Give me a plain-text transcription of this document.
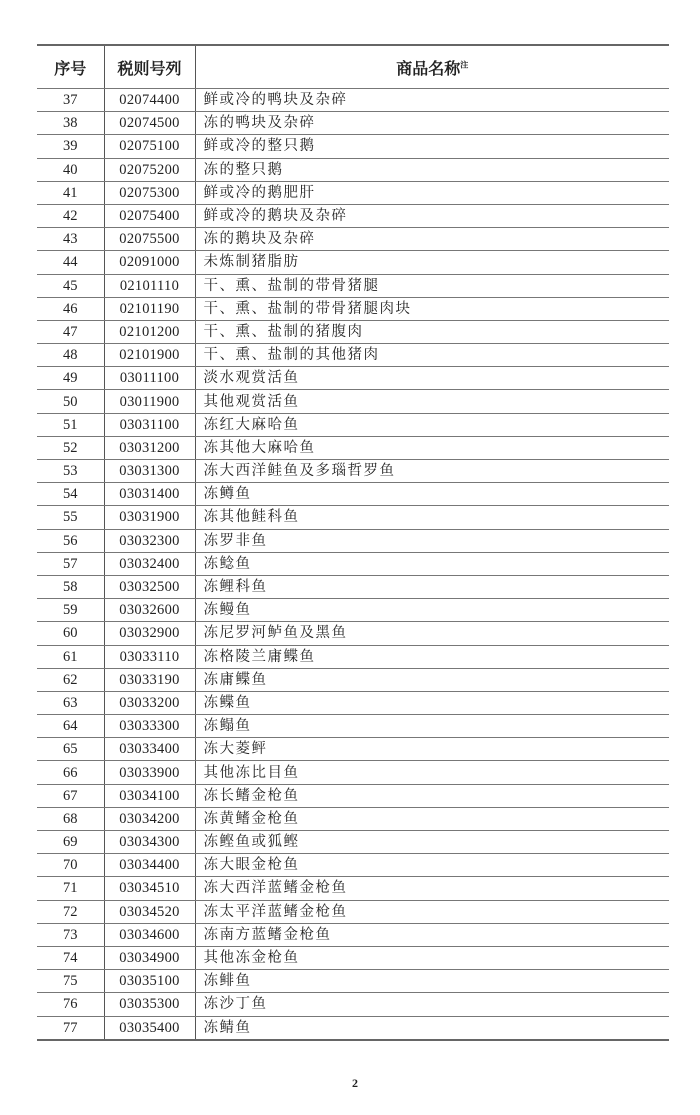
序号	税则号列	商品名称$^注$
37	02074400	鲜或冷的鸭块及杂碎
38	02074500	冻的鸭块及杂碎
39	02075100	鲜或冷的整只鹅
40	02075200	冻的整只鹅
41	02075300	鲜或冷的鹅肥肝
42	02075400	鲜或冷的鹅块及杂碎
43	02075500	冻的鹅块及杂碎
44	02091000	未炼制猪脂肪
45	02101110	干、熏、盐制的带骨猪腿
46	02101190	干、熏、盐制的带骨猪腿肉块
47	02101200	干、熏、盐制的猪腹肉
48	02101900	干、熏、盐制的其他猪肉
49	03011100	淡水观赏活鱼
50	03011900	其他观赏活鱼
51	03031100	冻红大麻哈鱼
52	03031200	冻其他大麻哈鱼
53	03031300	冻大西洋鲑鱼及多瑙哲罗鱼
54	03031400	冻鳟鱼
55	03031900	冻其他鲑科鱼
56	03032300	冻罗非鱼
57	03032400	冻鲶鱼
58	03032500	冻鲤科鱼
59	03032600	冻鳗鱼
60	03032900	冻尼罗河鲈鱼及黑鱼
61	03033110	冻格陵兰庸鲽鱼
62	03033190	冻庸鲽鱼
63	03033200	冻鲽鱼
64	03033300	冻鳎鱼
65	03033400	冻大菱鲆
66	03033900	其他冻比目鱼
67	03034100	冻长鳍金枪鱼
68	03034200	冻黄鳍金枪鱼
69	03034300	冻鲣鱼或狐鲣
70	03034400	冻大眼金枪鱼
71	03034510	冻大西洋蓝鳍金枪鱼
72	03034520	冻太平洋蓝鳍金枪鱼
73	03034600	冻南方蓝鳍金枪鱼
74	03034900	其他冻金枪鱼
75	03035100	冻鲱鱼
76	03035300	冻沙丁鱼
77	03035400	冻鲭鱼
2
